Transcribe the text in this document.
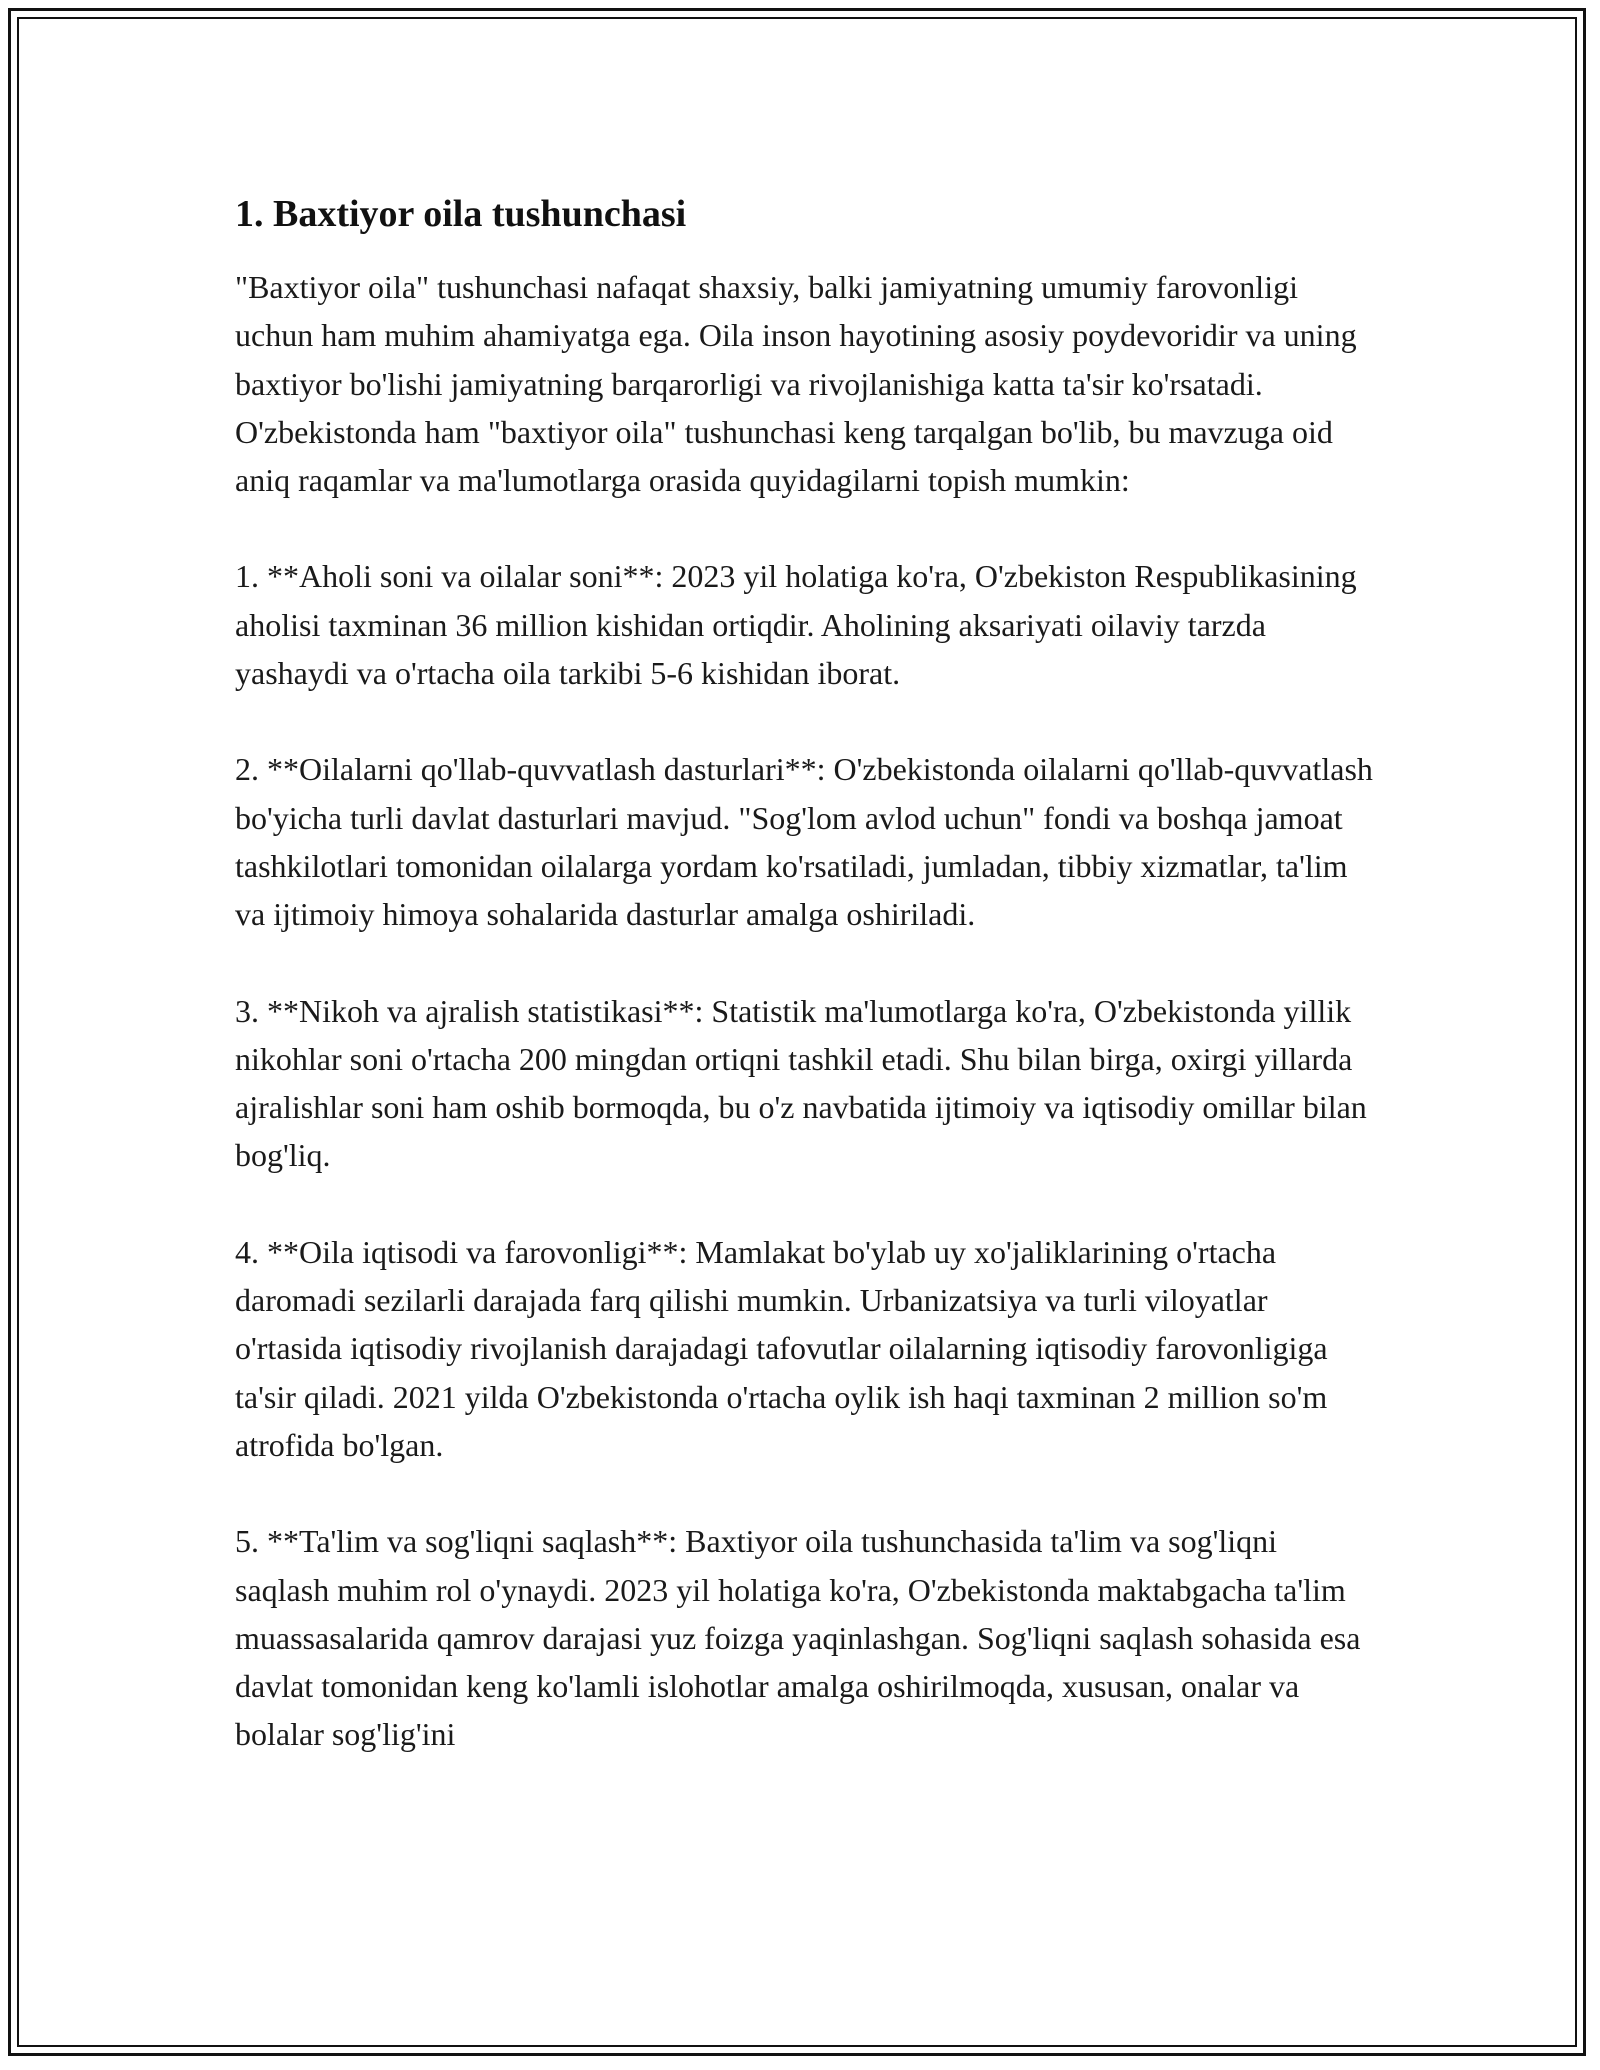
1. Baxtiyor oila tushunchasi

"Baxtiyor oila" tushunchasi nafaqat shaxsiy, balki jamiyatning umumiy farovonligi uchun ham muhim ahamiyatga ega. Oila inson hayotining asosiy poydevoridir va uning baxtiyor bo'lishi jamiyatning barqarorligi va rivojlanishiga katta ta'sir ko'rsatadi. O'zbekistonda ham "baxtiyor oila" tushunchasi keng tarqalgan bo'lib, bu mavzuga oid aniq raqamlar va ma'lumotlarga orasida quyidagilarni topish mumkin:

1. **Aholi soni va oilalar soni**: 2023 yil holatiga ko'ra, O'zbekiston Respublikasining aholisi taxminan 36 million kishidan ortiqdir. Aholining aksariyati oilaviy tarzda yashaydi va o'rtacha oila tarkibi 5-6 kishidan iborat.

2. **Oilalarni qo'llab-quvvatlash dasturlari**: O'zbekistonda oilalarni qo'llab-quvvatlash bo'yicha turli davlat dasturlari mavjud. "Sog'lom avlod uchun" fondi va boshqa jamoat tashkilotlari tomonidan oilalarga yordam ko'rsatiladi, jumladan, tibbiy xizmatlar, ta'lim va ijtimoiy himoya sohalarida dasturlar amalga oshiriladi.

3. **Nikoh va ajralish statistikasi**: Statistik ma'lumotlarga ko'ra, O'zbekistonda yillik nikohlar soni o'rtacha 200 mingdan ortiqni tashkil etadi. Shu bilan birga, oxirgi yillarda ajralishlar soni ham oshib bormoqda, bu o'z navbatida ijtimoiy va iqtisodiy omillar bilan bog'liq.

4. **Oila iqtisodi va farovonligi**: Mamlakat bo'ylab uy xo'jaliklarining o'rtacha daromadi sezilarli darajada farq qilishi mumkin. Urbanizatsiya va turli viloyatlar o'rtasida iqtisodiy rivojlanish darajadagi tafovutlar oilalarning iqtisodiy farovonligiga ta'sir qiladi. 2021 yilda O'zbekistonda o'rtacha oylik ish haqi taxminan 2 million so'm atrofida bo'lgan.

5. **Ta'lim va sog'liqni saqlash**: Baxtiyor oila tushunchasida ta'lim va sog'liqni saqlash muhim rol o'ynaydi. 2023 yil holatiga ko'ra, O'zbekistonda maktabgacha ta'lim muassasalarida qamrov darajasi yuz foizga yaqinlashgan. Sog'liqni saqlash sohasida esa davlat tomonidan keng ko'lamli islohotlar amalga oshirilmoqda, xususan, onalar va bolalar sog'lig'ini
